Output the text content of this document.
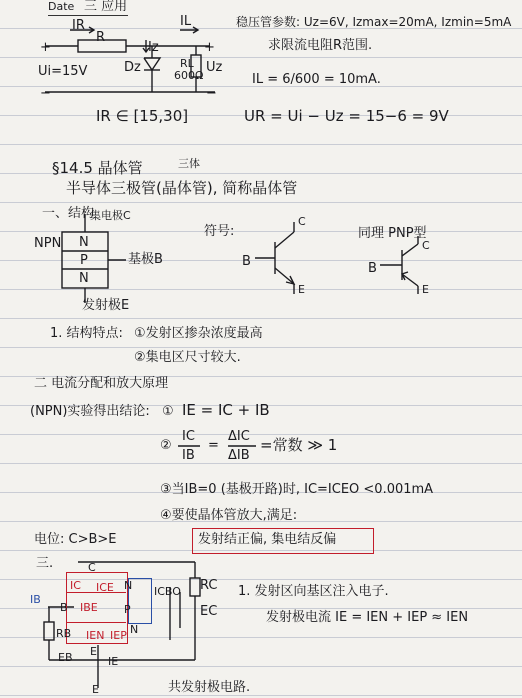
Date 三 应用
IR
R
IL
Iz
+	+
Ui=15V	Dz	RL
600Ω
Uz
−	−
稳压管参数: Uz=6V, Izmax=20mA, Izmin=5mA
求限流电阻R范围.
IL = 6/600 = 10mA.
IR ∈ [15,30]	UR = Ui − Uz = 15−6 = 9V
三体
§14.5 晶体管
半导体三极管(晶体管), 简称晶体管
一、结构
集电极C
NPN N
P
N
基极B
发射极E
符号:
C
B
E
同理 PNP型
C
B
E
1. 结构特点: ①发射区掺杂浓度最高
②集电区尺寸较大.
二 电流分配和放大原理
(NPN)实验得出结论: ① IE = IC + IB
②
IC
IB
=
ΔIC
ΔIB
=常数 ≫ 1
③当IB=0 (基极开路)时, IC=ICEO <0.001mA
④要使晶体管放大,满足:
电位: C>B>E	发射结正偏, 集电结反偏
三.	C
IC ICE N
IB
B IBE P
ICBO RC
EC
RB
EB
IEN IEP N
E
IE
E
1. 发射区向基区注入电子.
发射极电流 IE = IEN + IEP ≈ IEN
共发射极电路.
